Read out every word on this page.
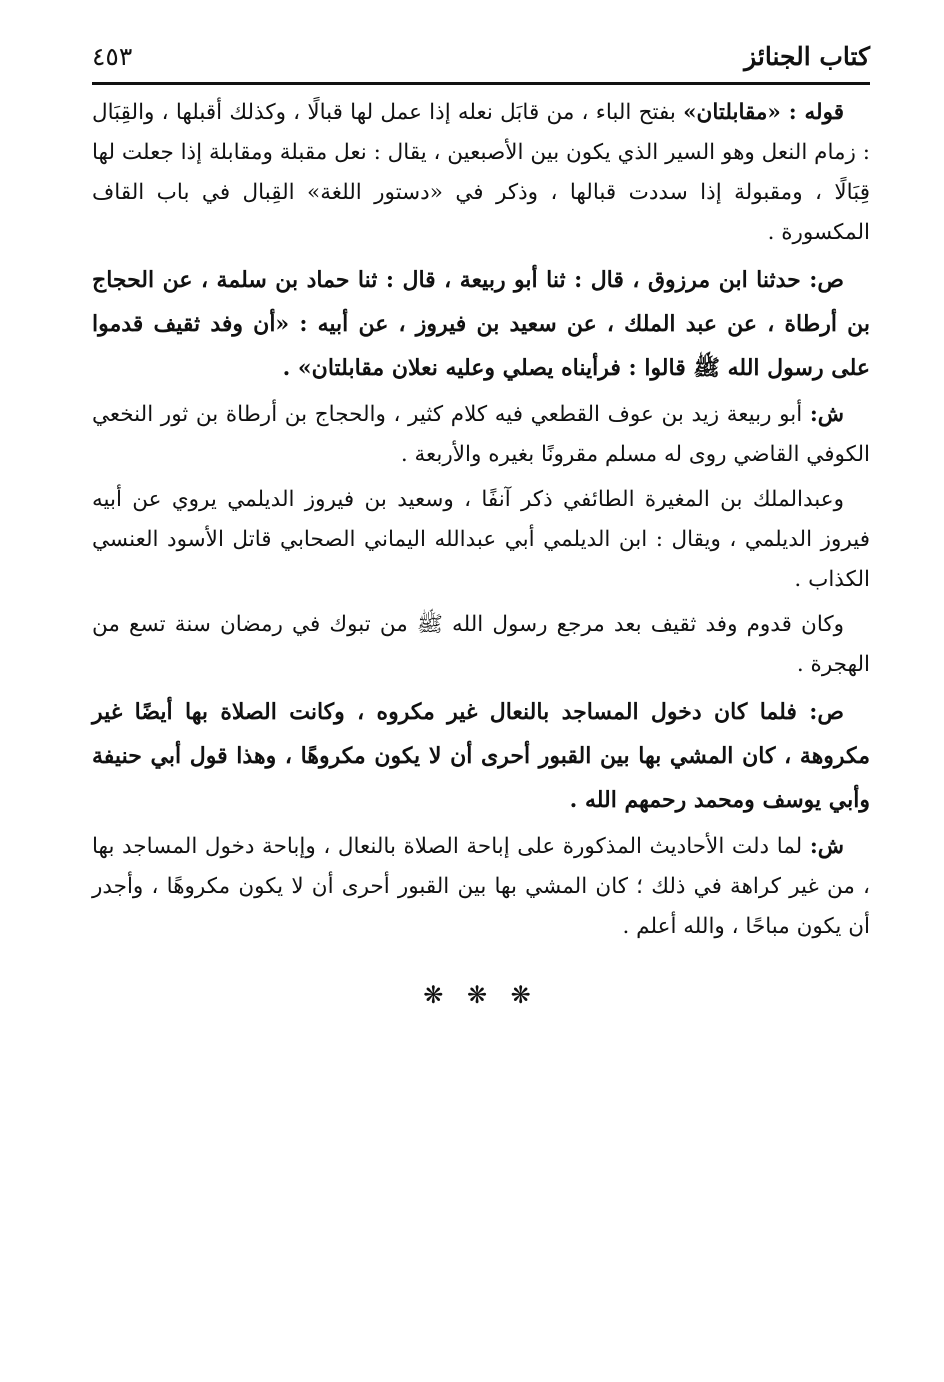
كتاب الجنائز
٤٥٣

قوله : «مقابلتان» بفتح الباء ، من قابَل نعله إذا عمل لها قبالًا ، وكذلك أقبلها ، والقِبَال : زمام النعل وهو السير الذي يكون بين الأصبعين ، يقال : نعل مقبلة ومقابلة إذا جعلت لها قِبَالًا ، ومقبولة إذا سددت قبالها ، وذكر في «دستور اللغة» القِبال في باب القاف المكسورة .

ص: حدثنا ابن مرزوق ، قال : ثنا أبو ربيعة ، قال : ثنا حماد بن سلمة ، عن الحجاج بن أرطاة ، عن عبد الملك ، عن سعيد بن فيروز ، عن أبيه : «أن وفد ثقيف قدموا على رسول الله ﷺ قالوا : فرأيناه يصلي وعليه نعلان مقابلتان» .

ش: أبو ربيعة زيد بن عوف القطعي فيه كلام كثير ، والحجاج بن أرطاة بن ثور النخعي الكوفي القاضي روى له مسلم مقرونًا بغيره والأربعة .

وعبدالملك بن المغيرة الطائفي ذكر آنفًا ، وسعيد بن فيروز الديلمي يروي عن أبيه فيروز الديلمي ، ويقال : ابن الديلمي أبي عبدالله اليماني الصحابي قاتل الأسود العنسي الكذاب .

وكان قدوم وفد ثقيف بعد مرجع رسول الله ﷺ من تبوك في رمضان سنة تسع من الهجرة .

ص: فلما كان دخول المساجد بالنعال غير مكروه ، وكانت الصلاة بها أيضًا غير مكروهة ، كان المشي بها بين القبور أحرى أن لا يكون مكروهًا ، وهذا قول أبي حنيفة وأبي يوسف ومحمد رحمهم الله .

ش: لما دلت الأحاديث المذكورة على إباحة الصلاة بالنعال ، وإباحة دخول المساجد بها ، من غير كراهة في ذلك ؛ كان المشي بها بين القبور أحرى أن لا يكون مكروهًا ، وأجدر أن يكون مباحًا ، والله أعلم .

❋ ❋ ❋
